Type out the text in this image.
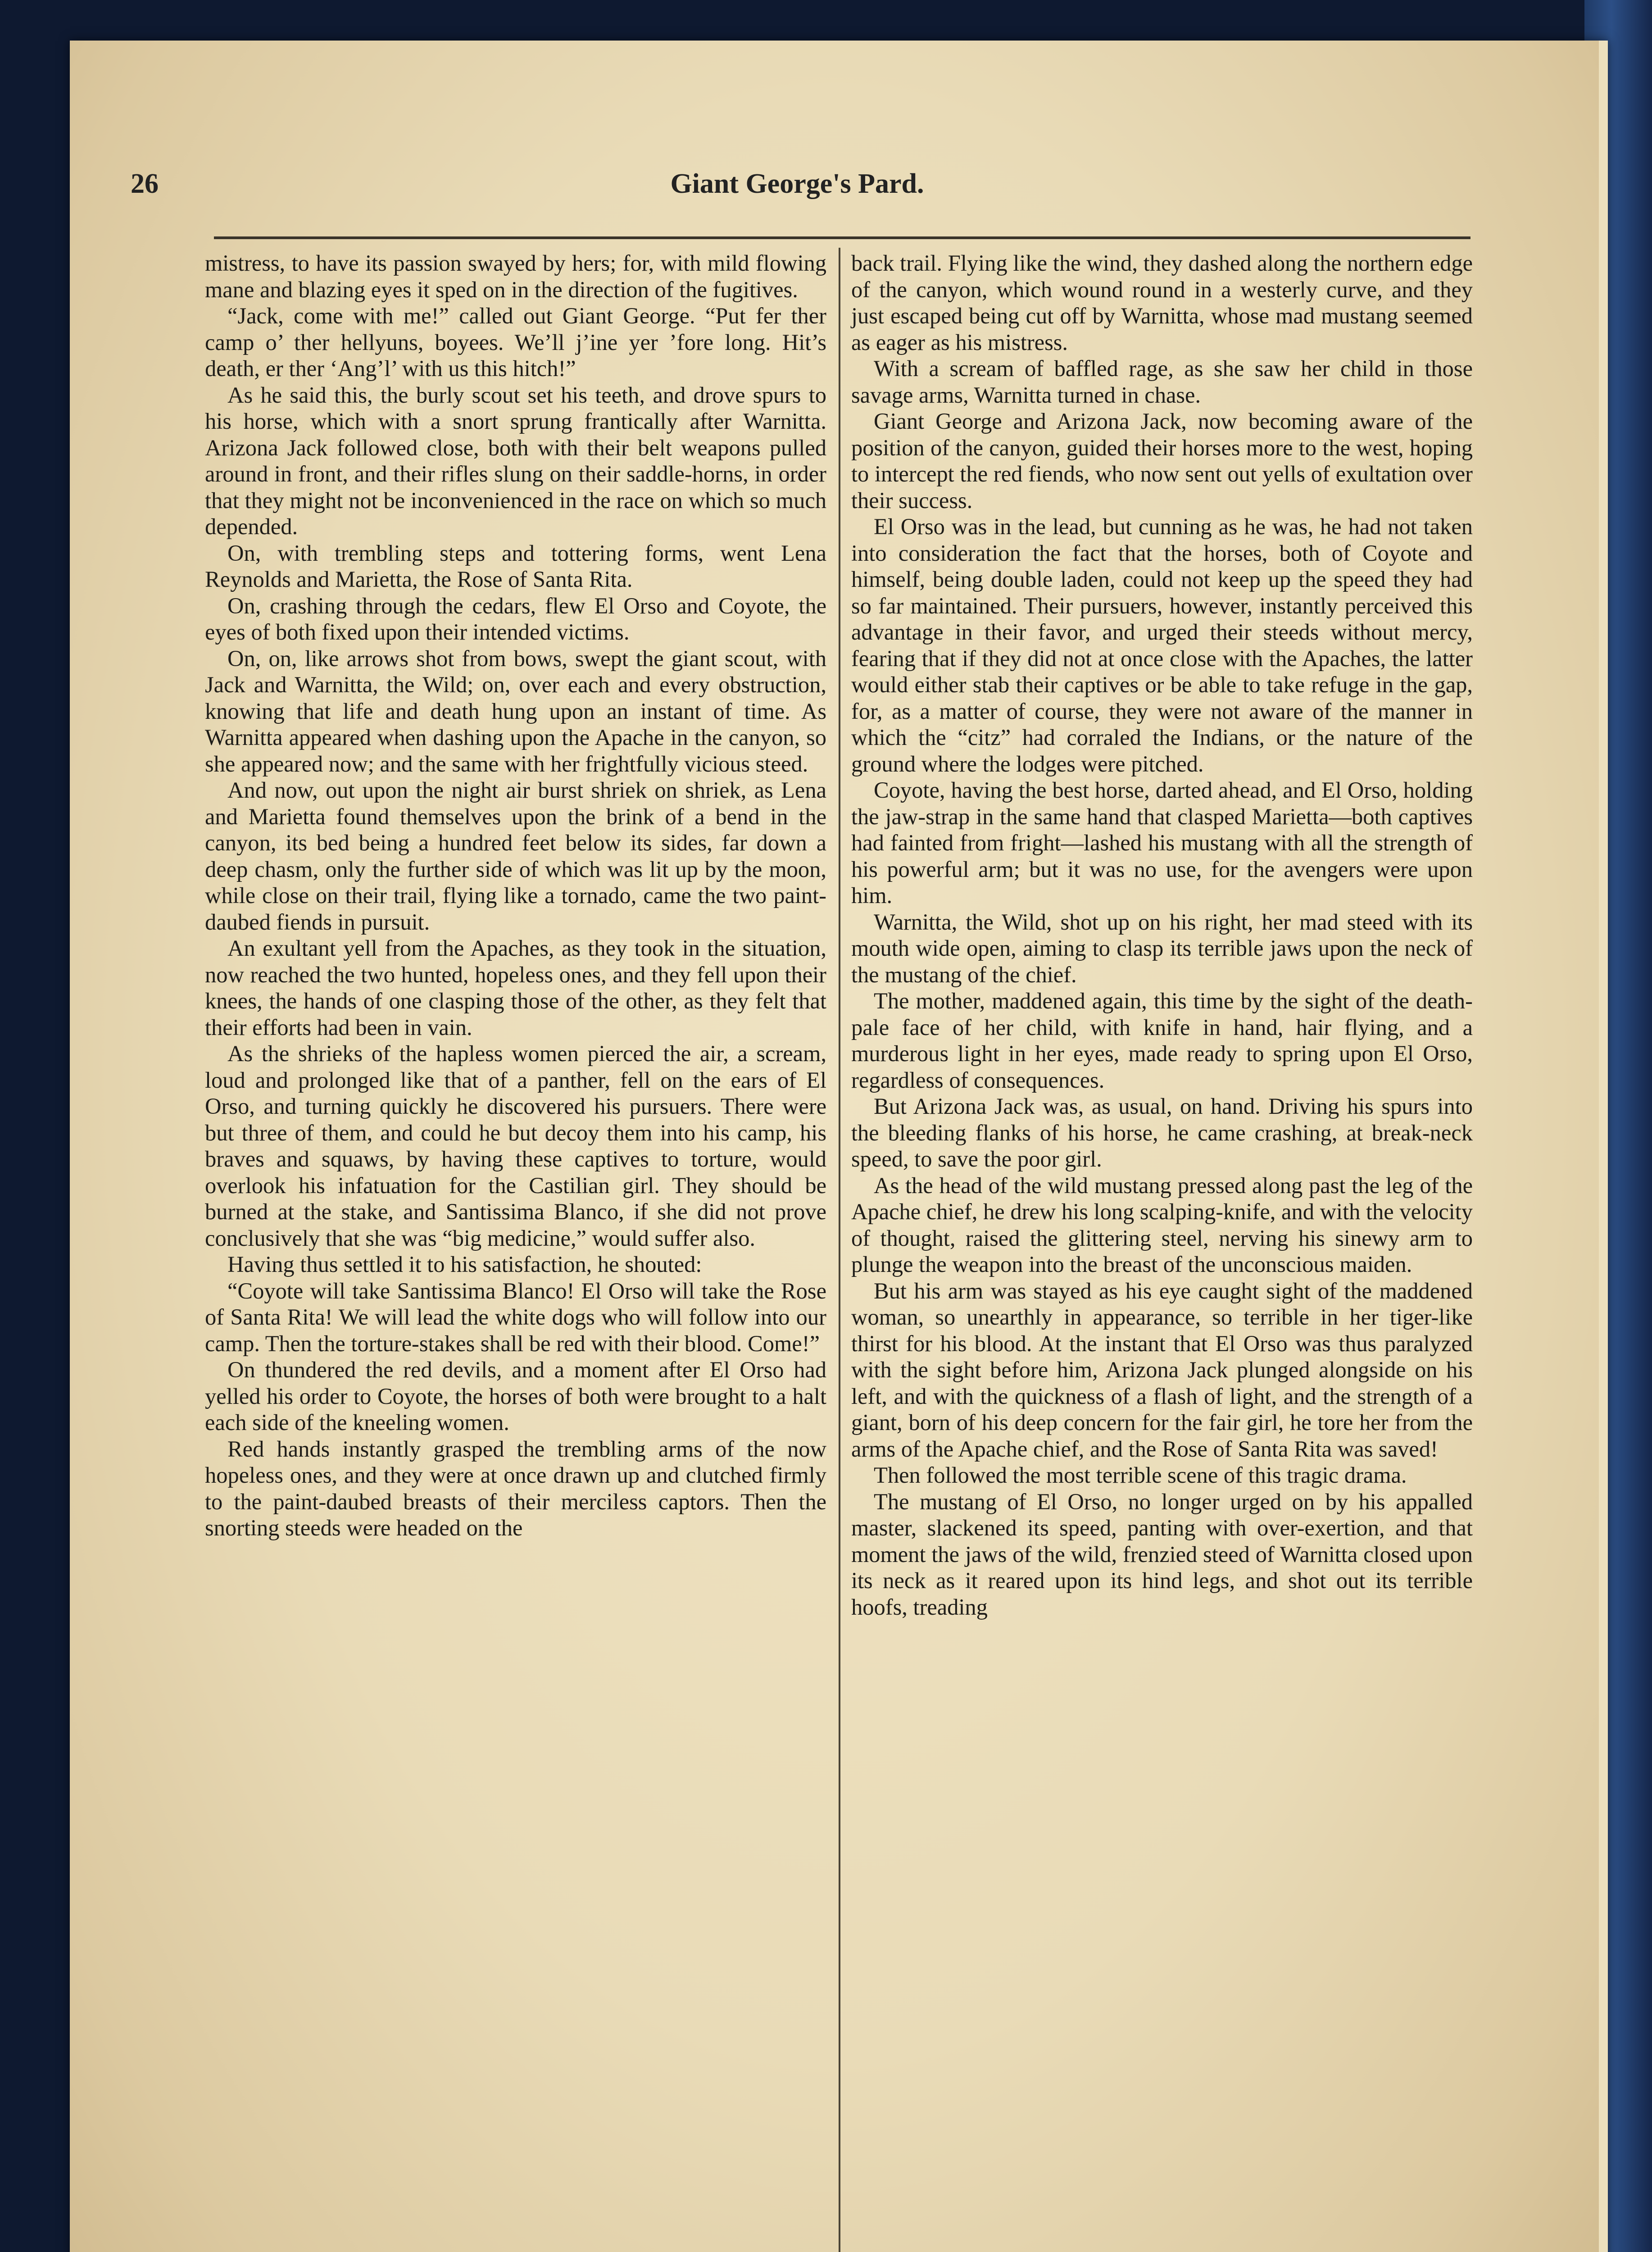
26	Giant George's Pard.

mistress, to have its passion swayed by hers; for, with mild flowing mane and blazing eyes it sped on in the direction of the fugitives.

“Jack, come with me!” called out Giant George. “Put fer ther camp o’ ther hellyuns, boyees. We’ll j’ine yer ’fore long. Hit’s death, er ther ‘Ang’l’ with us this hitch!”

As he said this, the burly scout set his teeth, and drove spurs to his horse, which with a snort sprung frantically after Warnitta. Arizona Jack followed close, both with their belt weapons pulled around in front, and their rifles slung on their saddle-horns, in order that they might not be inconvenienced in the race on which so much depended.

On, with trembling steps and tottering forms, went Lena Reynolds and Marietta, the Rose of Santa Rita.

On, crashing through the cedars, flew El Orso and Coyote, the eyes of both fixed upon their intended victims.

On, on, like arrows shot from bows, swept the giant scout, with Jack and Warnitta, the Wild; on, over each and every obstruction, knowing that life and death hung upon an instant of time. As Warnitta appeared when dashing upon the Apache in the canyon, so she appeared now; and the same with her frightfully vicious steed.

And now, out upon the night air burst shriek on shriek, as Lena and Marietta found themselves upon the brink of a bend in the canyon, its bed being a hundred feet below its sides, far down a deep chasm, only the further side of which was lit up by the moon, while close on their trail, flying like a tornado, came the two paint-daubed fiends in pursuit.

An exultant yell from the Apaches, as they took in the situation, now reached the two hunted, hopeless ones, and they fell upon their knees, the hands of one clasping those of the other, as they felt that their efforts had been in vain.

As the shrieks of the hapless women pierced the air, a scream, loud and prolonged like that of a panther, fell on the ears of El Orso, and turning quickly he discovered his pursuers. There were but three of them, and could he but decoy them into his camp, his braves and squaws, by having these captives to torture, would overlook his infatuation for the Castilian girl. They should be burned at the stake, and Santissima Blanco, if she did not prove conclusively that she was “big medicine,” would suffer also.

Having thus settled it to his satisfaction, he shouted:

“Coyote will take Santissima Blanco! El Orso will take the Rose of Santa Rita! We will lead the white dogs who will follow into our camp. Then the torture-stakes shall be red with their blood. Come!”

On thundered the red devils, and a moment after El Orso had yelled his order to Coyote, the horses of both were brought to a halt each side of the kneeling women.

Red hands instantly grasped the trembling arms of the now hopeless ones, and they were at once drawn up and clutched firmly to the paint-daubed breasts of their merciless captors. Then the snorting steeds were headed on the

back trail. Flying like the wind, they dashed along the northern edge of the canyon, which wound round in a westerly curve, and they just escaped being cut off by Warnitta, whose mad mustang seemed as eager as his mistress.

With a scream of baffled rage, as she saw her child in those savage arms, Warnitta turned in chase.

Giant George and Arizona Jack, now becoming aware of the position of the canyon, guided their horses more to the west, hoping to intercept the red fiends, who now sent out yells of exultation over their success.

El Orso was in the lead, but cunning as he was, he had not taken into consideration the fact that the horses, both of Coyote and himself, being double laden, could not keep up the speed they had so far maintained. Their pursuers, however, instantly perceived this advantage in their favor, and urged their steeds without mercy, fearing that if they did not at once close with the Apaches, the latter would either stab their captives or be able to take refuge in the gap, for, as a matter of course, they were not aware of the manner in which the “citz” had corraled the Indians, or the nature of the ground where the lodges were pitched.

Coyote, having the best horse, darted ahead, and El Orso, holding the jaw-strap in the same hand that clasped Marietta—both captives had fainted from fright—lashed his mustang with all the strength of his powerful arm; but it was no use, for the avengers were upon him.

Warnitta, the Wild, shot up on his right, her mad steed with its mouth wide open, aiming to clasp its terrible jaws upon the neck of the mustang of the chief.

The mother, maddened again, this time by the sight of the death-pale face of her child, with knife in hand, hair flying, and a murderous light in her eyes, made ready to spring upon El Orso, regardless of consequences.

But Arizona Jack was, as usual, on hand. Driving his spurs into the bleeding flanks of his horse, he came crashing, at break-neck speed, to save the poor girl.

As the head of the wild mustang pressed along past the leg of the Apache chief, he drew his long scalping-knife, and with the velocity of thought, raised the glittering steel, nerving his sinewy arm to plunge the weapon into the breast of the unconscious maiden.

But his arm was stayed as his eye caught sight of the maddened woman, so unearthly in appearance, so terrible in her tiger-like thirst for his blood. At the instant that El Orso was thus paralyzed with the sight before him, Arizona Jack plunged alongside on his left, and with the quickness of a flash of light, and the strength of a giant, born of his deep concern for the fair girl, he tore her from the arms of the Apache chief, and the Rose of Santa Rita was saved!

Then followed the most terrible scene of this tragic drama.

The mustang of El Orso, no longer urged on by his appalled master, slackened its speed, panting with over-exertion, and that moment the jaws of the wild, frenzied steed of Warnitta closed upon its neck as it reared upon its hind legs, and shot out its terrible hoofs, treading
